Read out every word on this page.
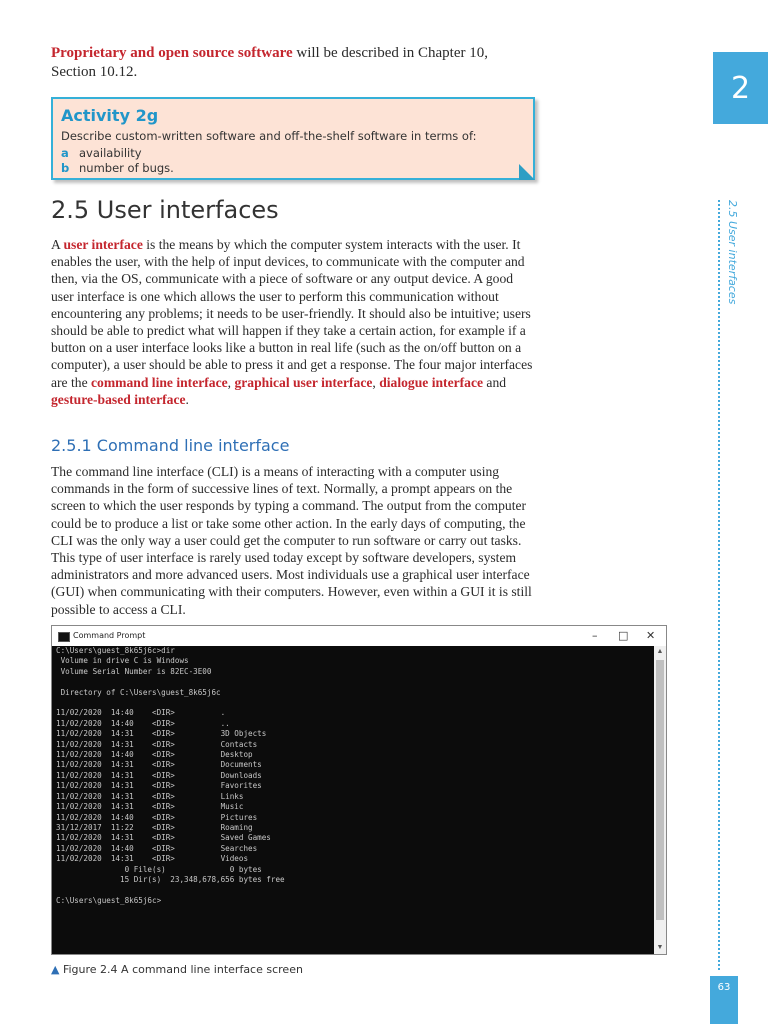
Proprietary and open source software will be described in Chapter 10, Section 10.12.
Activity 2g
Describe custom-written software and off-the-shelf software in terms of:
a availability
b number of bugs.
2.5 User interfaces

A user interface is the means by which the computer system interacts with the user. It enables the user, with the help of input devices, to communicate with the computer and then, via the OS, communicate with a piece of software or any output device. A good user interface is one which allows the user to perform this communication without encountering any problems; it needs to be user-friendly. It should also be intuitive; users should be able to predict what will happen if they take a certain action, for example if a button on a user interface looks like a button in real life (such as the on/off button on a computer), a user should be able to press it and get a response. The four major interfaces are the command line interface, graphical user interface, dialogue interface and gesture-based interface.

2.5.1 Command line interface

The command line interface (CLI) is a means of interacting with a computer using commands in the form of successive lines of text. Normally, a prompt appears on the screen to which the user responds by typing a command. The output from the computer could be to produce a list or take some other action. In the early days of computing, the CLI was the only way a user could get the computer to run software or carry out tasks. This type of user interface is rarely used today except by software developers, system administrators and more advanced users. Most individuals use a graphical user interface (GUI) when communicating with their computers. However, even within a GUI it is still possible to access a CLI.

Command Prompt	– □ ✕
C:\Users\guest_8k65j6c>dir
Volume in drive C is Windows
Volume Serial Number is 82EC-3E00

Directory of C:\Users\guest_8k65j6c

11/02/2020  14:40    <DIR>          .
11/02/2020  14:40    <DIR>          ..
11/02/2020  14:31    <DIR>          3D Objects
11/02/2020  14:31    <DIR>          Contacts
11/02/2020  14:40    <DIR>          Desktop
11/02/2020  14:31    <DIR>          Documents
11/02/2020  14:31    <DIR>          Downloads
11/02/2020  14:31    <DIR>          Favorites
11/02/2020  14:31    <DIR>          Links
11/02/2020  14:31    <DIR>          Music
11/02/2020  14:40    <DIR>          Pictures
31/12/2017  11:22    <DIR>          Roaming
11/02/2020  14:31    <DIR>          Saved Games
11/02/2020  14:40    <DIR>          Searches
11/02/2020  14:31    <DIR>          Videos
0 File(s)              0 bytes
15 Dir(s)  23,348,678,656 bytes free

C:\Users\guest_8k65j6c>
▲
▼
▲ Figure 2.4 A command line interface screen
2
2.5 User interfaces
63
